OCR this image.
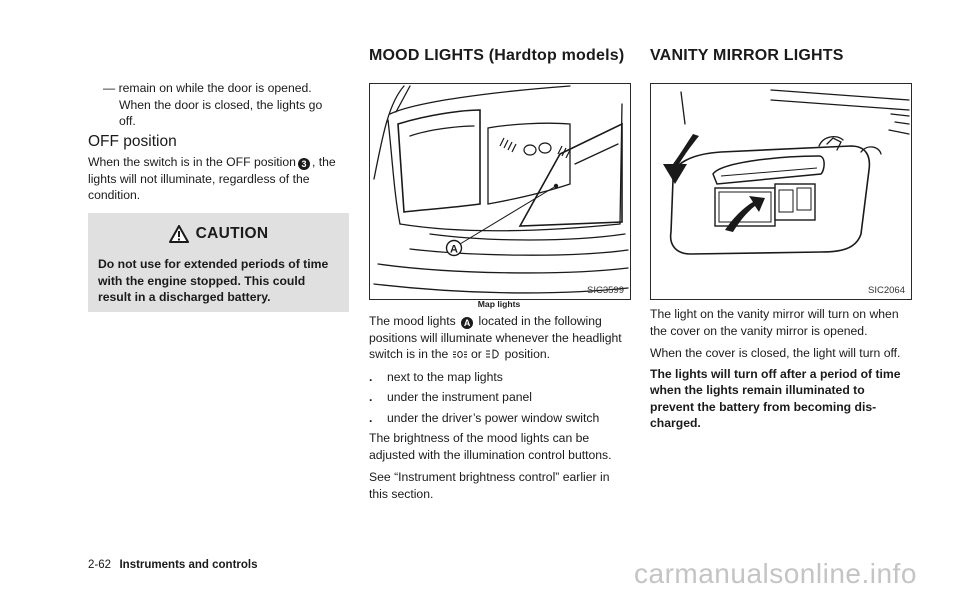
MOOD LIGHTS (Hardtop models) VANITY MIRROR LIGHTS
— remain on while the door is opened.
When the door is closed, the lights go
off.
OFF position
When the switch is in the OFF position 3 , the lights will not illuminate, regardless of the condition.
CAUTION
Do not use for extended periods of time with the engine stopped. This could result in a discharged battery.
A
SIC3599
Map lights
The mood lights A located in the following positions will illuminate whenever the headlight switch is in the or position.
.	next to the map lights
.	under the instrument panel
.	under the driver’s power window switch
The brightness of the mood lights can be adjusted with the illumination control buttons.
See “Instrument brightness control” earlier in this section.
SIC2064
The light on the vanity mirror will turn on when the cover on the vanity mirror is opened.
When the cover is closed, the light will turn off.
The lights will turn off after a period of time when the lights remain illuminated to prevent the battery from becoming dis-charged.
2-62 Instruments and controls	carmanualsonline.info
